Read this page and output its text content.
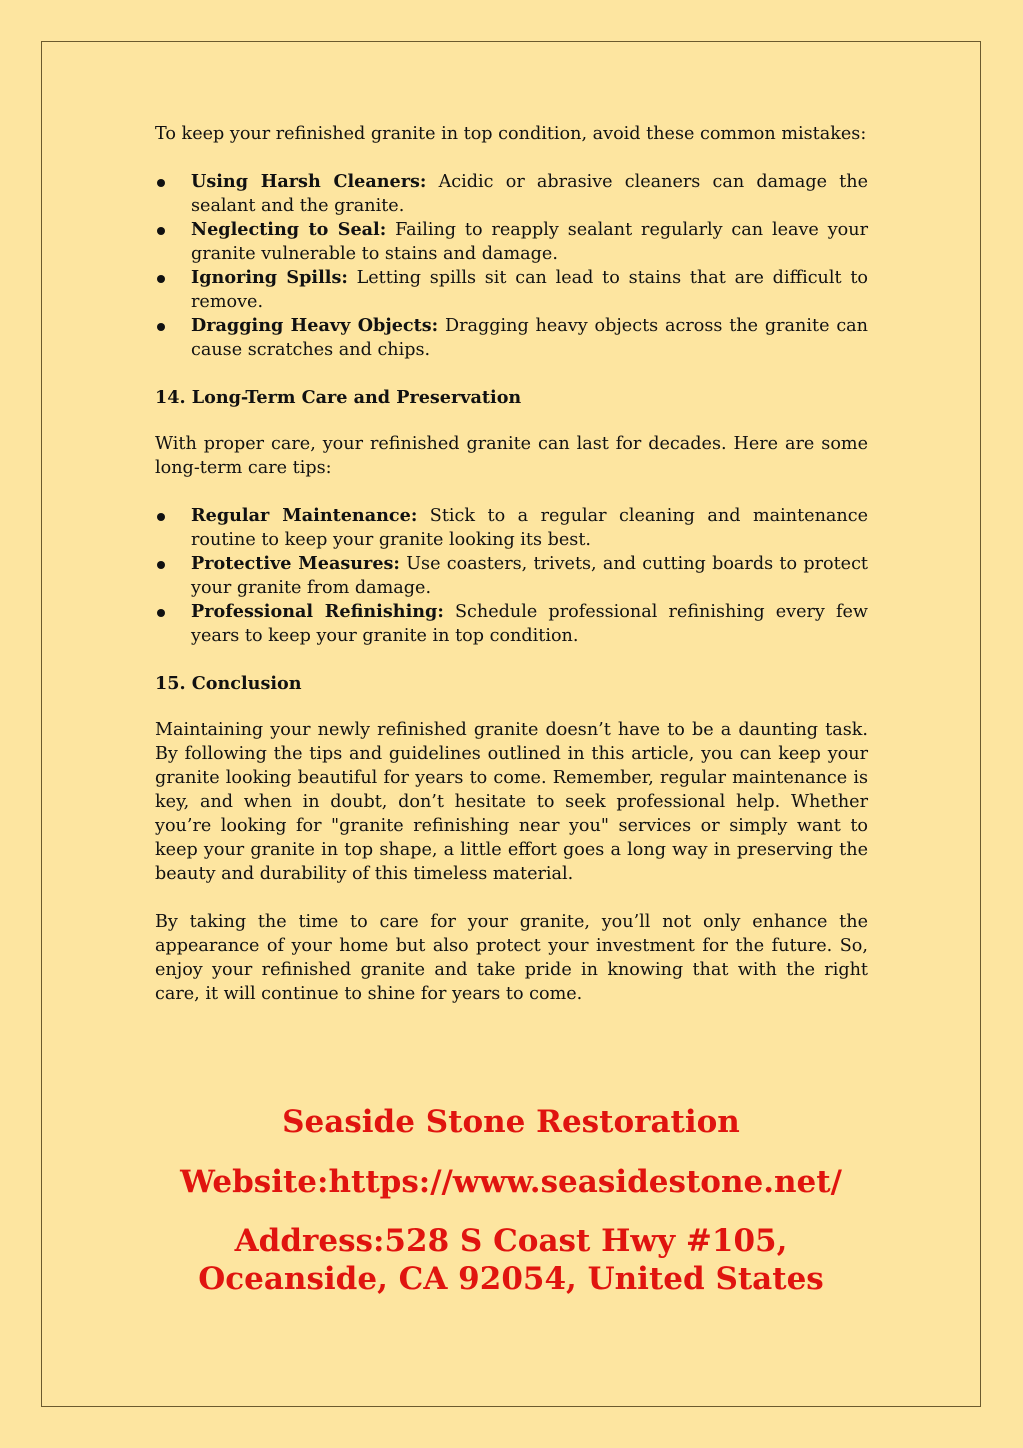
To keep your refinished granite in top condition, avoid these common mistakes:

Using Harsh Cleaners: Acidic or abrasive cleaners can damage the sealant and the granite.
Neglecting to Seal: Failing to reapply sealant regularly can leave your granite vulnerable to stains and damage.
Ignoring Spills: Letting spills sit can lead to stains that are difficult to remove.
Dragging Heavy Objects: Dragging heavy objects across the granite can cause scratches and chips.
14. Long-Term Care and Preservation

With proper care, your refinished granite can last for decades. Here are some long-term care tips:

Regular Maintenance: Stick to a regular cleaning and maintenance routine to keep your granite looking its best.
Protective Measures: Use coasters, trivets, and cutting boards to protect your granite from damage.
Professional Refinishing: Schedule professional refinishing every few years to keep your granite in top condition.
15. Conclusion

Maintaining your newly refinished granite doesn’t have to be a daunting task. By following the tips and guidelines outlined in this article, you can keep your granite looking beautiful for years to come. Remember, regular maintenance is key, and when in doubt, don’t hesitate to seek professional help. Whether you’re looking for "granite refinishing near you" services or simply want to keep your granite in top shape, a little effort goes a long way in preserving the beauty and durability of this timeless material.

By taking the time to care for your granite, you’ll not only enhance the appearance of your home but also protect your investment for the future. So, enjoy your refinished granite and take pride in knowing that with the right care, it will continue to shine for years to come.

Seaside Stone Restoration
Website:https://www.seasidestone.net/
Address:528 S Coast Hwy #105,
Oceanside, CA 92054, United States
